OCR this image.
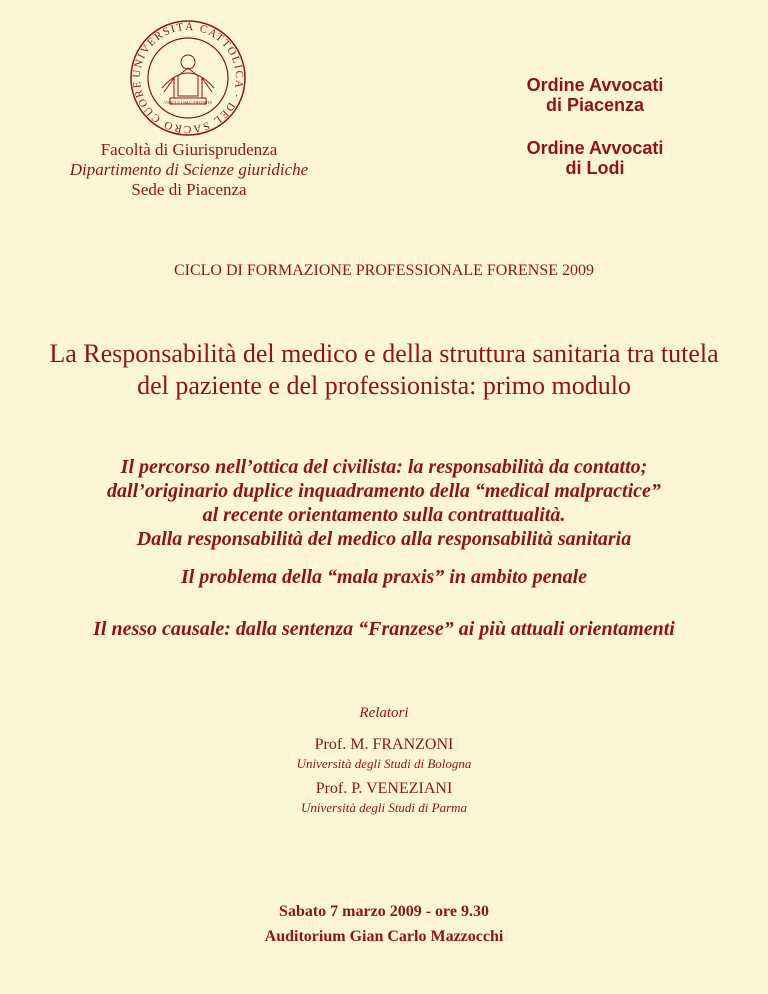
UNIVERSITÀ CATTOLICA · DEL SACRO CUORE
VINCULUM CARITATIS
Facoltà di Giurisprudenza
Dipartimento di Scienze giuridiche
Sede di Piacenza
Ordine Avvocati
di Piacenza
Ordine Avvocati
di Lodi
CICLO DI FORMAZIONE PROFESSIONALE FORENSE 2009
La Responsabilità del medico e della struttura sanitaria tra tutela
del paziente e del professionista: primo modulo
Il percorso nell’ottica del civilista: la responsabilità da contatto;
dall’originario duplice inquadramento della “medical malpractice”
al recente orientamento sulla contrattualità.
Dalla responsabilità del medico alla responsabilità sanitaria
Il problema della “mala praxis” in ambito penale
Il nesso causale: dalla sentenza “Franzese” ai più attuali orientamenti
Relatori
Prof. M. FRANZONI
Università degli Studi di Bologna
Prof. P. VENEZIANI
Università degli Studi di Parma
Sabato 7 marzo 2009 - ore 9.30
Auditorium Gian Carlo Mazzocchi
